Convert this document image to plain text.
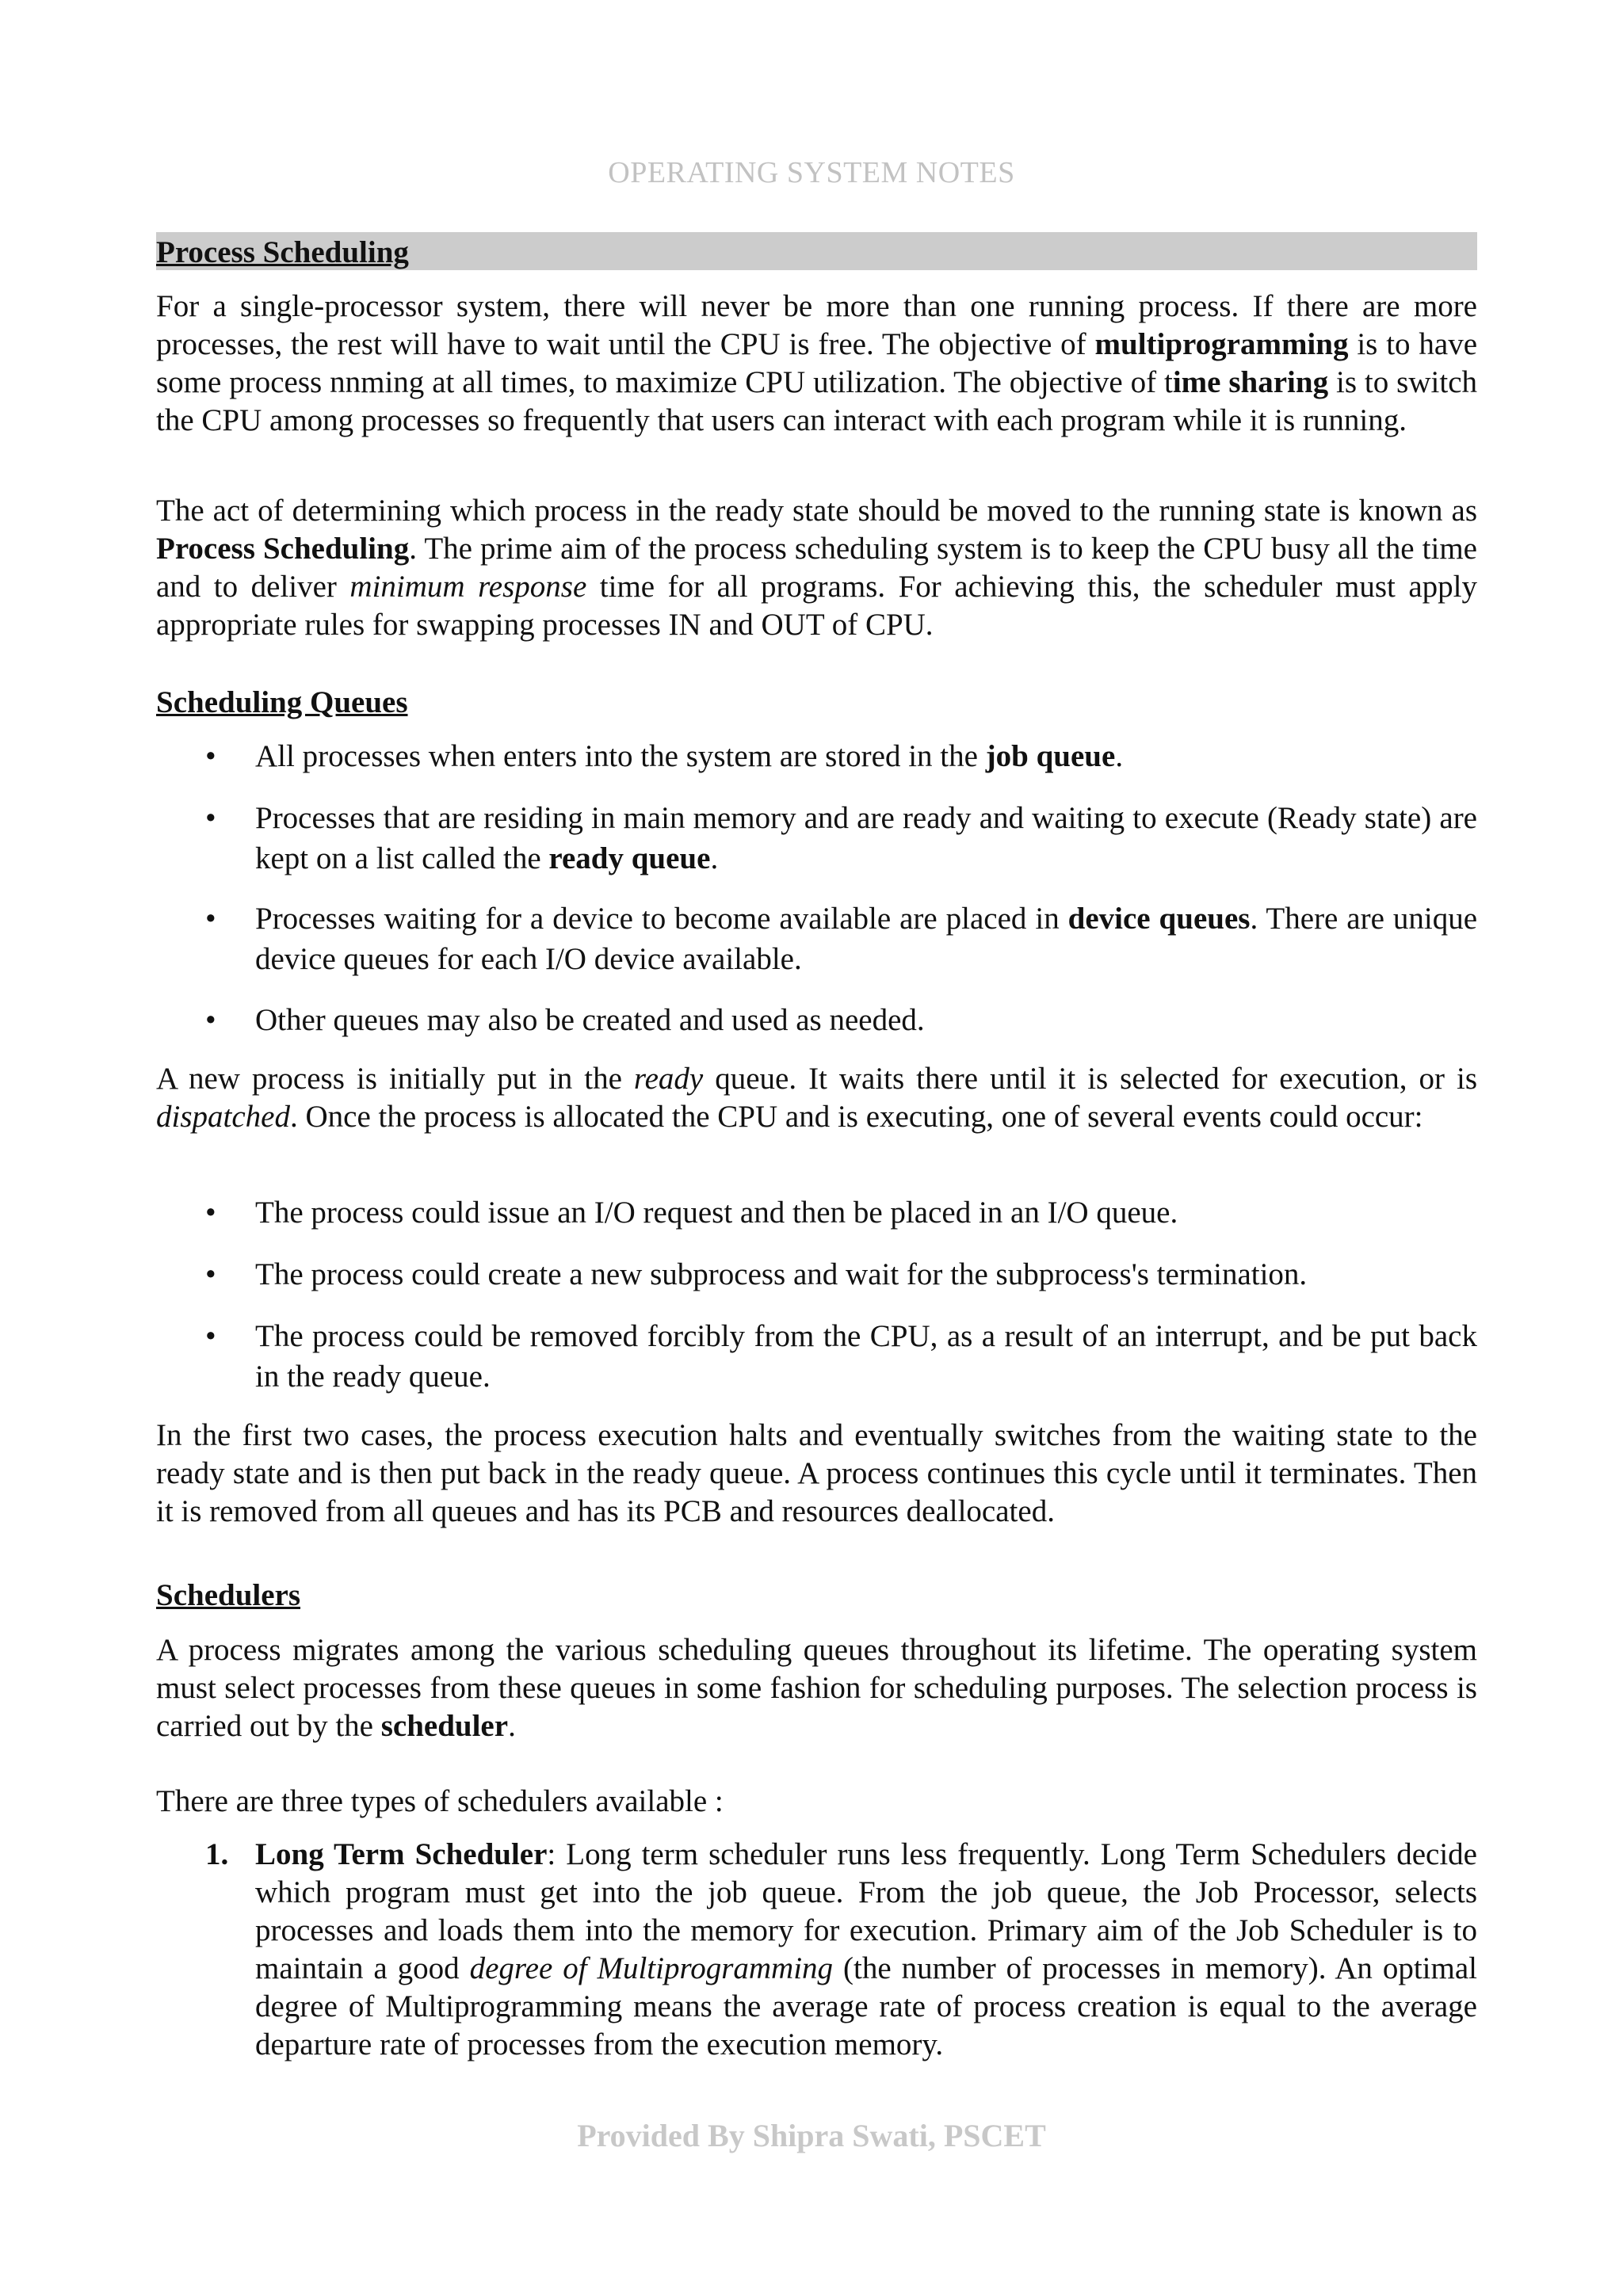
OPERATING SYSTEM NOTES
Process Scheduling

For a single-processor system, there will never be more than one running process. If there are more processes, the rest will have to wait until the CPU is free. The objective of multiprogramming is to have some process nnming at all times, to maximize CPU utilization. The objective of time sharing is to switch the CPU among processes so frequently that users can interact with each program while it is running.

The act of determining which process in the ready state should be moved to the running state is known as Process Scheduling. The prime aim of the process scheduling system is to keep the CPU busy all the time and to deliver minimum response time for all programs. For achieving this, the scheduler must apply appropriate rules for swapping processes IN and OUT of CPU.

Scheduling Queues
• All processes when enters into the system are stored in the job queue.
• Processes that are residing in main memory and are ready and waiting to execute (Ready state) are kept on a list called the ready queue.
• Processes waiting for a device to become available are placed in device queues. There are unique device queues for each I/O device available.
• Other queues may also be created and used as needed.

A new process is initially put in the ready queue. It waits there until it is selected for execution, or is dispatched. Once the process is allocated the CPU and is executing, one of several events could occur:

• The process could issue an I/O request and then be placed in an I/O queue.
• The process could create a new subprocess and wait for the subprocess's termination.
• The process could be removed forcibly from the CPU, as a result of an interrupt, and be put back in the ready queue.

In the first two cases, the process execution halts and eventually switches from the waiting state to the ready state and is then put back in the ready queue. A process continues this cycle until it terminates. Then it is removed from all queues and has its PCB and resources deallocated.

Schedulers

A process migrates among the various scheduling queues throughout its lifetime. The operating system must select processes from these queues in some fashion for scheduling purposes. The selection process is carried out by the scheduler.

There are three types of schedulers available :

1. Long Term Scheduler: Long term scheduler runs less frequently. Long Term Schedulers decide which program must get into the job queue. From the job queue, the Job Processor, selects processes and loads them into the memory for execution. Primary aim of the Job Scheduler is to maintain a good degree of Multiprogramming (the number of processes in memory). An optimal degree of Multiprogramming means the average rate of process creation is equal to the average departure rate of processes from the execution memory.
Provided By Shipra Swati, PSCET
